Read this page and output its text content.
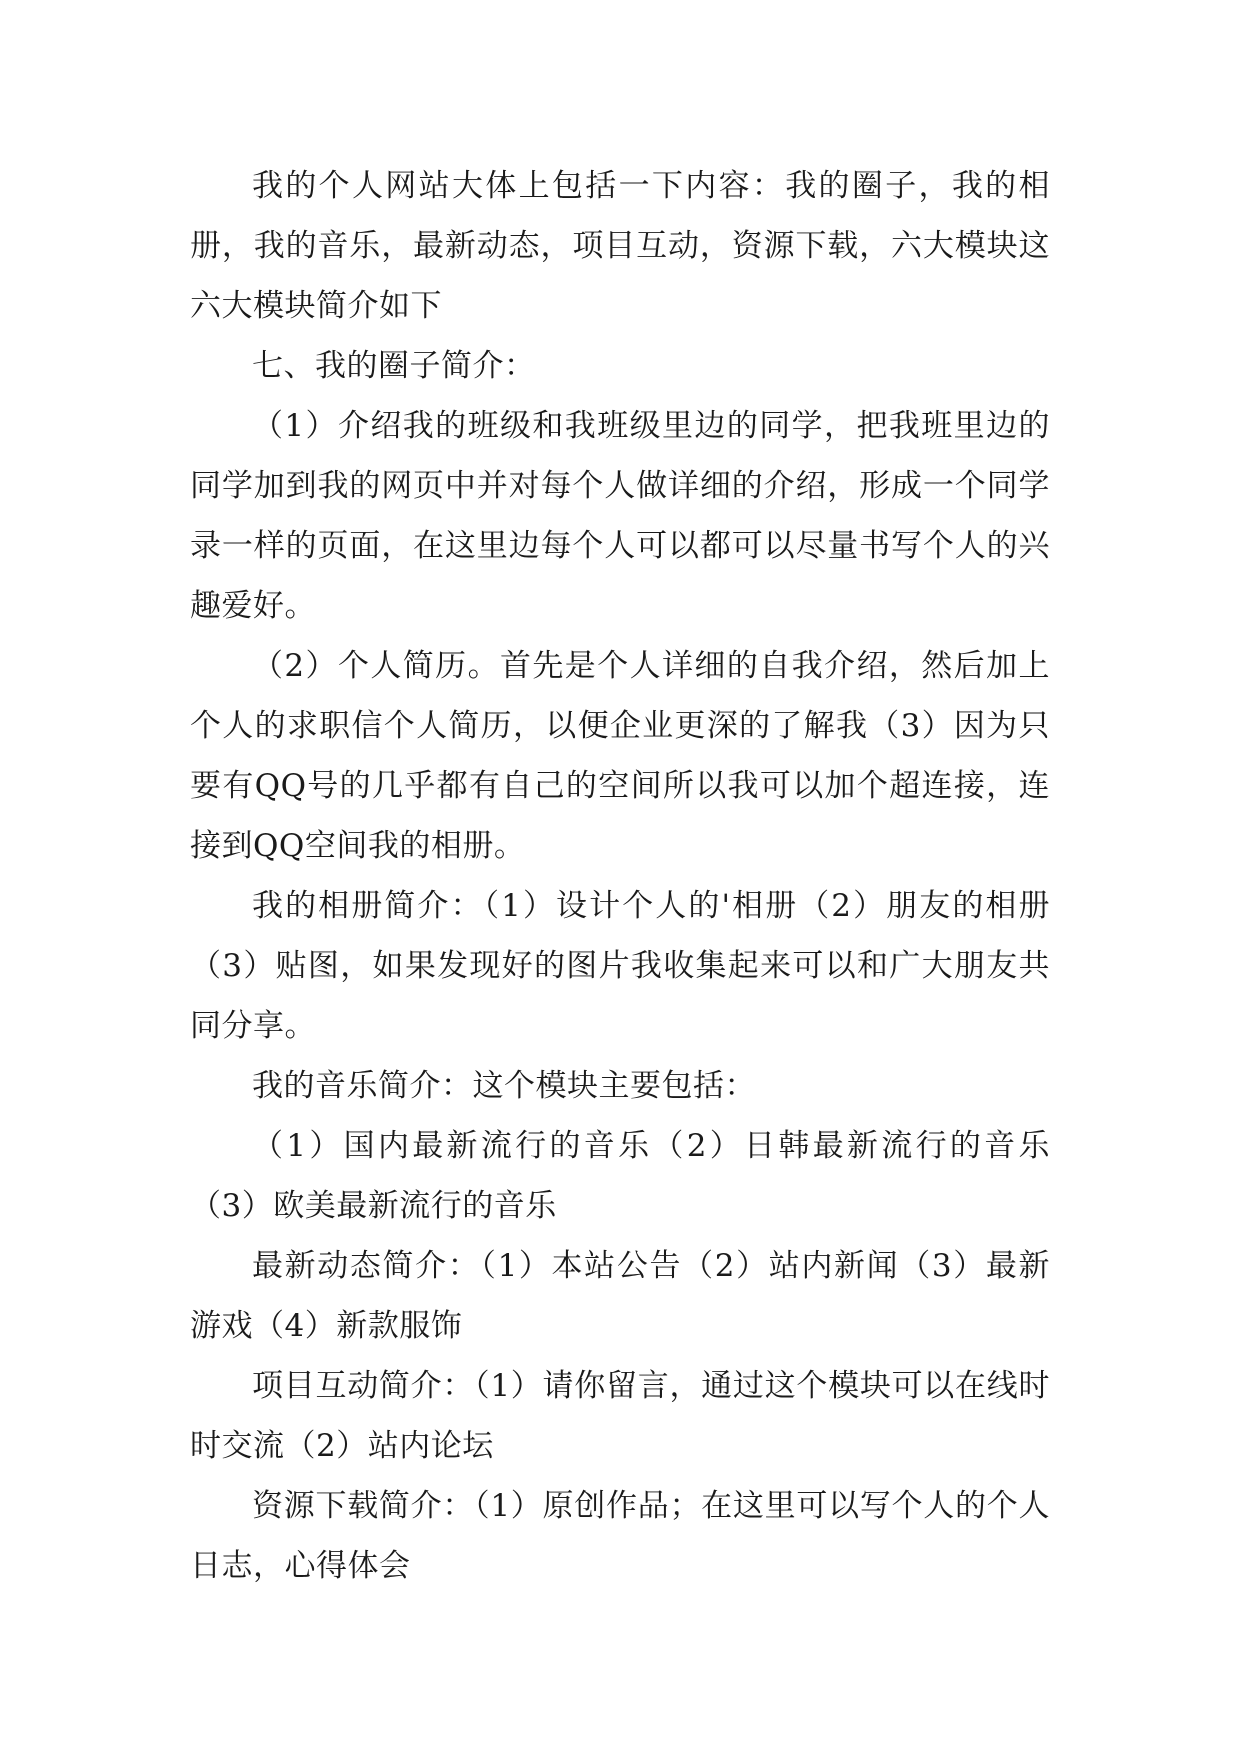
我的个人网站大体上包括一下内容：我的圈子，我的相册，我的音乐，最新动态，项目互动，资源下载，六大模块这六大模块简介如下

七、我的圈子简介：

（1）介绍我的班级和我班级里边的同学，把我班里边的同学加到我的网页中并对每个人做详细的介绍，形成一个同学录一样的页面，在这里边每个人可以都可以尽量书写个人的兴趣爱好。

（2）个人简历。首先是个人详细的自我介绍，然后加上个人的求职信个人简历，以便企业更深的了解我（3）因为只要有QQ号的几乎都有自己的空间所以我可以加个超连接，连接到QQ空间我的相册。

我的相册简介：（1）设计个人的'相册（2）朋友的相册（3）贴图，如果发现好的图片我收集起来可以和广大朋友共同分享。

我的音乐简介：这个模块主要包括：

（1）国内最新流行的音乐（2）日韩最新流行的音乐（3）欧美最新流行的音乐

最新动态简介：（1）本站公告（2）站内新闻（3）最新游戏（4）新款服饰

项目互动简介：（1）请你留言，通过这个模块可以在线时时交流（2）站内论坛

资源下载简介：（1）原创作品；在这里可以写个人的个人日志，心得体会
